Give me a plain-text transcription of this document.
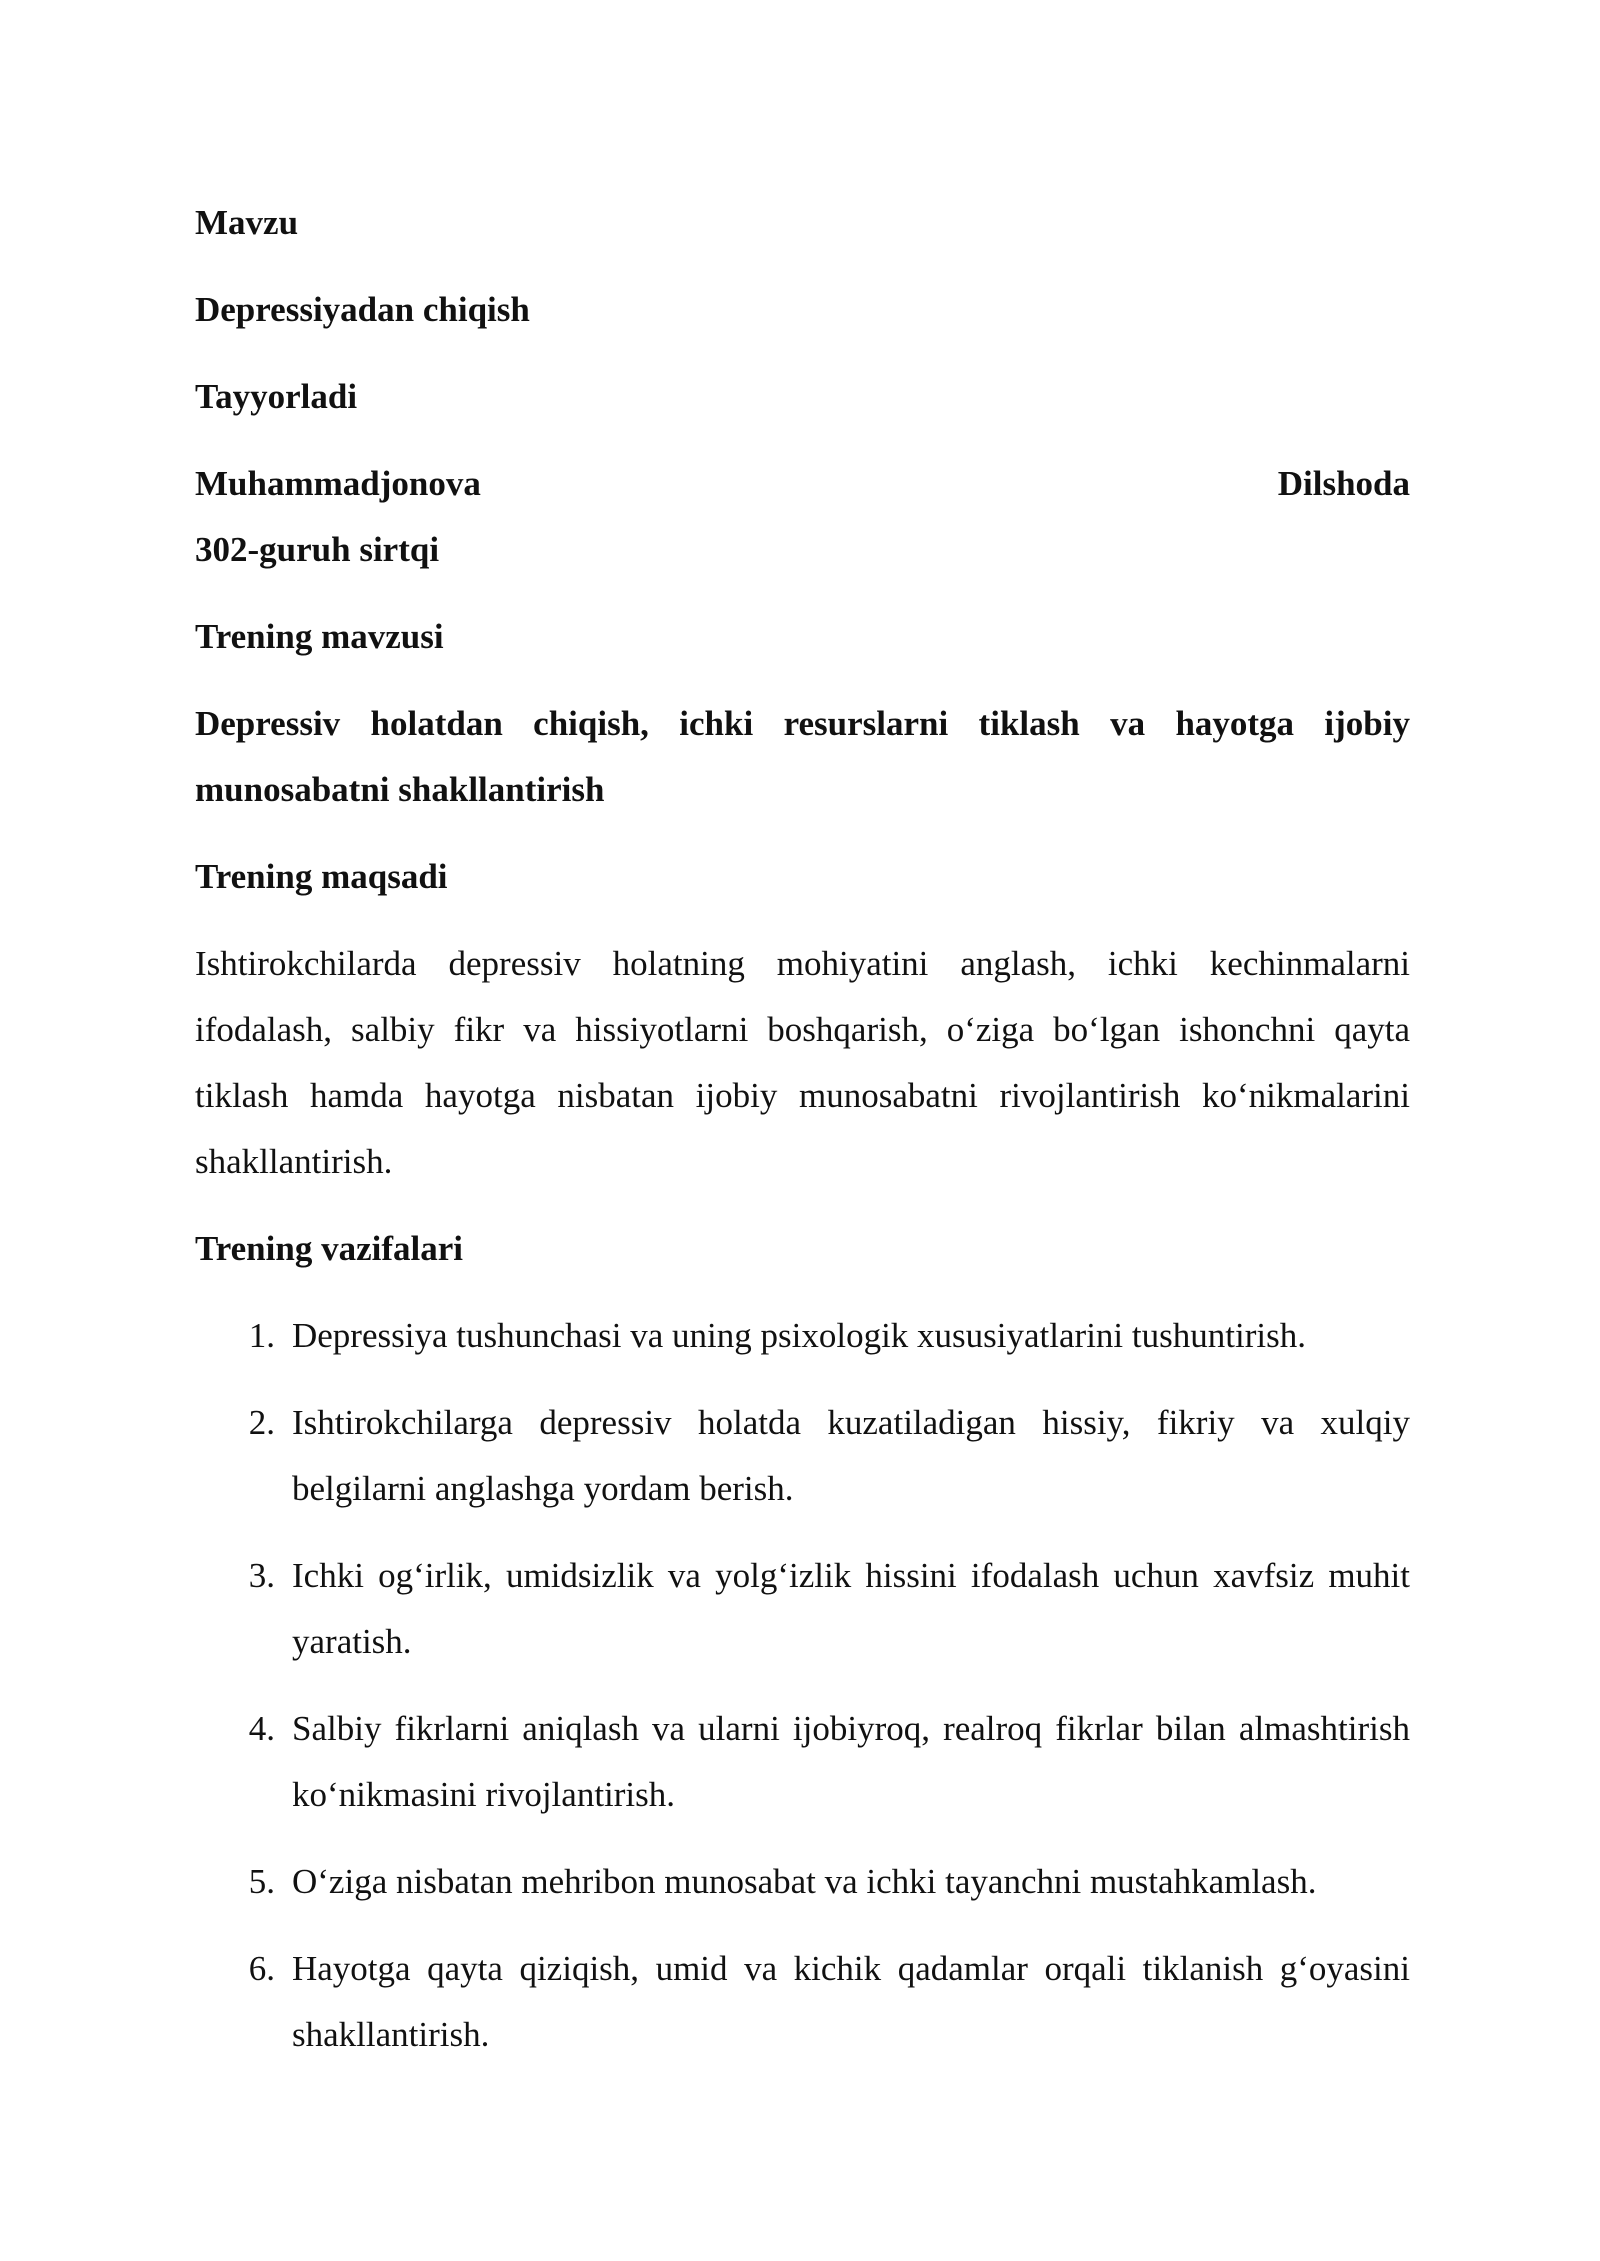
Mavzu

Depressiyadan chiqish

Tayyorladi

Muhammadjonova	Dilshoda

302-guruh sirtqi

Trening mavzusi

Depressiv holatdan chiqish, ichki resurslarni tiklash va hayotga ijobiy munosabatni shakllantirish

Trening maqsadi

Ishtirokchilarda depressiv holatning mohiyatini anglash, ichki kechinmalarni ifodalash, salbiy fikr va hissiyotlarni boshqarish, o‘ziga bo‘lgan ishonchni qayta tiklash hamda hayotga nisbatan ijobiy munosabatni rivojlantirish ko‘nikmalarini shakllantirish.

Trening vazifalari

1. Depressiya tushunchasi va uning psixologik xususiyatlarini tushuntirish.
2. Ishtirokchilarga depressiv holatda kuzatiladigan hissiy, fikriy va xulqiy belgilarni anglashga yordam berish.
3. Ichki og‘irlik, umidsizlik va yolg‘izlik hissini ifodalash uchun xavfsiz muhit yaratish.
4. Salbiy fikrlarni aniqlash va ularni ijobiyroq, realroq fikrlar bilan almashtirish ko‘nikmasini rivojlantirish.
5. O‘ziga nisbatan mehribon munosabat va ichki tayanchni mustahkamlash.
6. Hayotga qayta qiziqish, umid va kichik qadamlar orqali tiklanish g‘oyasini shakllantirish.
